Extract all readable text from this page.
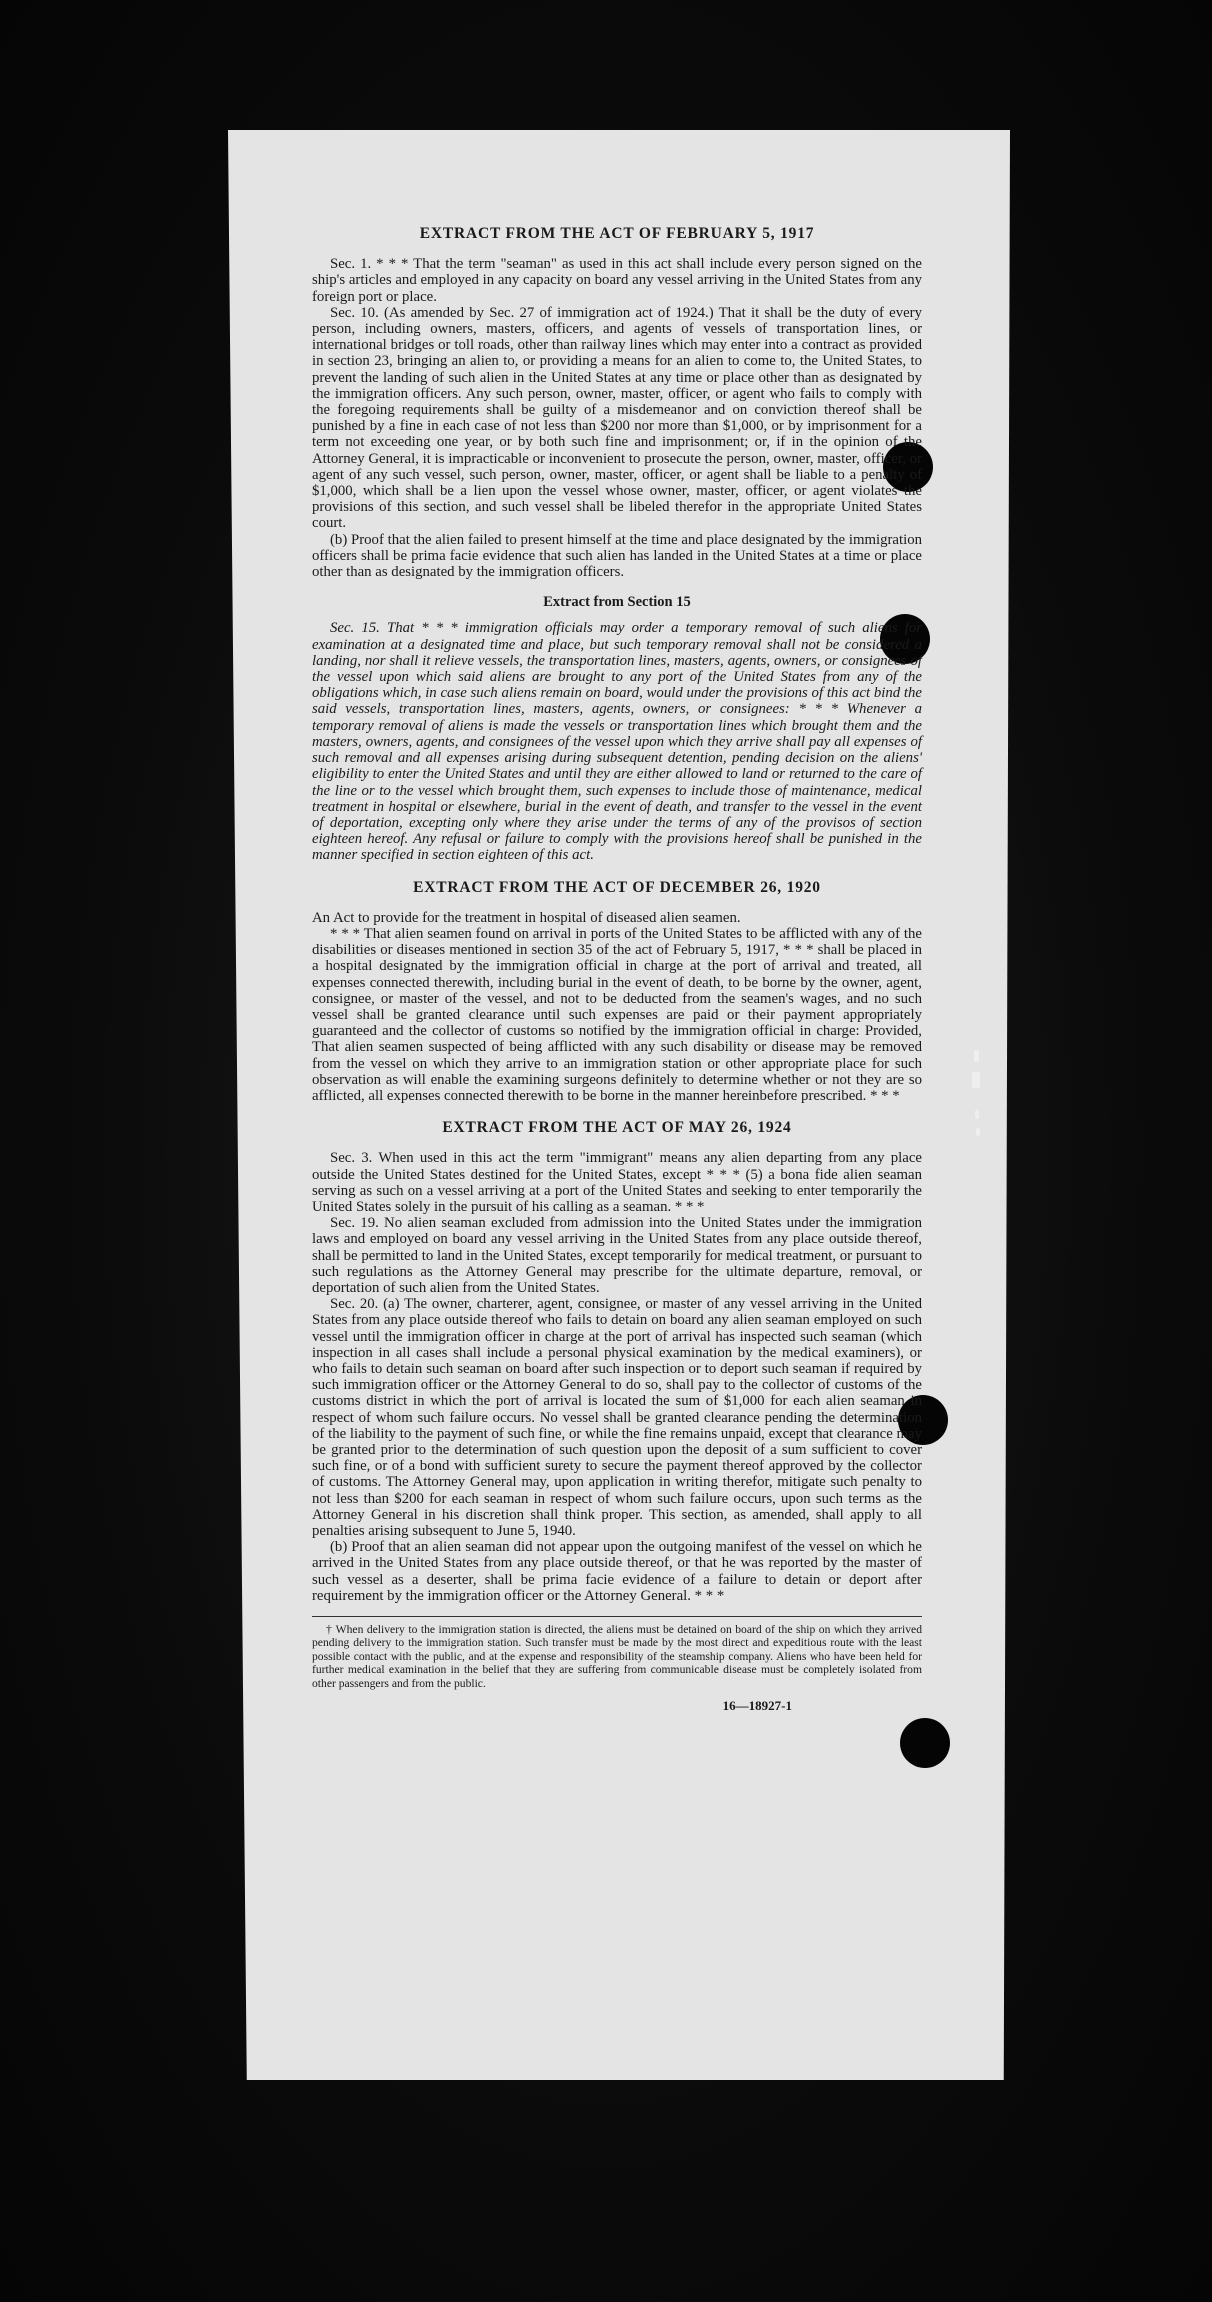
EXTRACT FROM THE ACT OF FEBRUARY 5, 1917

Sec. 1. * * * That the term "seaman" as used in this act shall include every person signed on the ship's articles and employed in any capacity on board any vessel arriving in the United States from any foreign port or place.

Sec. 10. (As amended by Sec. 27 of immigration act of 1924.) That it shall be the duty of every person, including owners, masters, officers, and agents of vessels of transportation lines, or international bridges or toll roads, other than railway lines which may enter into a contract as provided in section 23, bringing an alien to, or providing a means for an alien to come to, the United States, to prevent the landing of such alien in the United States at any time or place other than as designated by the immigration officers. Any such person, owner, master, officer, or agent who fails to comply with the foregoing requirements shall be guilty of a misdemeanor and on conviction thereof shall be punished by a fine in each case of not less than $200 nor more than $1,000, or by imprisonment for a term not exceeding one year, or by both such fine and imprisonment; or, if in the opinion of the Attorney General, it is impracticable or inconvenient to prosecute the person, owner, master, officer, or agent of any such vessel, such person, owner, master, officer, or agent shall be liable to a penalty of $1,000, which shall be a lien upon the vessel whose owner, master, officer, or agent violates the provisions of this section, and such vessel shall be libeled therefor in the appropriate United States court.

(b) Proof that the alien failed to present himself at the time and place designated by the immigration officers shall be prima facie evidence that such alien has landed in the United States at a time or place other than as designated by the immigration officers.

Extract from Section 15

Sec. 15. That * * * immigration officials may order a temporary removal of such aliens for examination at a designated time and place, but such temporary removal shall not be considered a landing, nor shall it relieve vessels, the transportation lines, masters, agents, owners, or consignees of the vessel upon which said aliens are brought to any port of the United States from any of the obligations which, in case such aliens remain on board, would under the provisions of this act bind the said vessels, transportation lines, masters, agents, owners, or consignees: * * * Whenever a temporary removal of aliens is made the vessels or transportation lines which brought them and the masters, owners, agents, and consignees of the vessel upon which they arrive shall pay all expenses of such removal and all expenses arising during subsequent detention, pending decision on the aliens' eligibility to enter the United States and until they are either allowed to land or returned to the care of the line or to the vessel which brought them, such expenses to include those of maintenance, medical treatment in hospital or elsewhere, burial in the event of death, and transfer to the vessel in the event of deportation, excepting only where they arise under the terms of any of the provisos of section eighteen hereof. Any refusal or failure to comply with the provisions hereof shall be punished in the manner specified in section eighteen of this act.

EXTRACT FROM THE ACT OF DECEMBER 26, 1920

An Act to provide for the treatment in hospital of diseased alien seamen.

* * * That alien seamen found on arrival in ports of the United States to be afflicted with any of the disabilities or diseases mentioned in section 35 of the act of February 5, 1917, * * * shall be placed in a hospital designated by the immigration official in charge at the port of arrival and treated, all expenses connected therewith, including burial in the event of death, to be borne by the owner, agent, consignee, or master of the vessel, and not to be deducted from the seamen's wages, and no such vessel shall be granted clearance until such expenses are paid or their payment appropriately guaranteed and the collector of customs so notified by the immigration official in charge: Provided, That alien seamen suspected of being afflicted with any such disability or disease may be removed from the vessel on which they arrive to an immigration station or other appropriate place for such observation as will enable the examining surgeons definitely to determine whether or not they are so afflicted, all expenses connected therewith to be borne in the manner hereinbefore prescribed. * * *

EXTRACT FROM THE ACT OF MAY 26, 1924

Sec. 3. When used in this act the term "immigrant" means any alien departing from any place outside the United States destined for the United States, except * * * (5) a bona fide alien seaman serving as such on a vessel arriving at a port of the United States and seeking to enter temporarily the United States solely in the pursuit of his calling as a seaman. * * *

Sec. 19. No alien seaman excluded from admission into the United States under the immigration laws and employed on board any vessel arriving in the United States from any place outside thereof, shall be permitted to land in the United States, except temporarily for medical treatment, or pursuant to such regulations as the Attorney General may prescribe for the ultimate departure, removal, or deportation of such alien from the United States.

Sec. 20. (a) The owner, charterer, agent, consignee, or master of any vessel arriving in the United States from any place outside thereof who fails to detain on board any alien seaman employed on such vessel until the immigration officer in charge at the port of arrival has inspected such seaman (which inspection in all cases shall include a personal physical examination by the medical examiners), or who fails to detain such seaman on board after such inspection or to deport such seaman if required by such immigration officer or the Attorney General to do so, shall pay to the collector of customs of the customs district in which the port of arrival is located the sum of $1,000 for each alien seaman in respect of whom such failure occurs. No vessel shall be granted clearance pending the determination of the liability to the payment of such fine, or while the fine remains unpaid, except that clearance may be granted prior to the determination of such question upon the deposit of a sum sufficient to cover such fine, or of a bond with sufficient surety to secure the payment thereof approved by the collector of customs. The Attorney General may, upon application in writing therefor, mitigate such penalty to not less than $200 for each seaman in respect of whom such failure occurs, upon such terms as the Attorney General in his discretion shall think proper. This section, as amended, shall apply to all penalties arising subsequent to June 5, 1940.

(b) Proof that an alien seaman did not appear upon the outgoing manifest of the vessel on which he arrived in the United States from any place outside thereof, or that he was reported by the master of such vessel as a deserter, shall be prima facie evidence of a failure to detain or deport after requirement by the immigration officer or the Attorney General. * * *

† When delivery to the immigration station is directed, the aliens must be detained on board of the ship on which they arrived pending delivery to the immigration station. Such transfer must be made by the most direct and expeditious route with the least possible contact with the public, and at the expense and responsibility of the steamship company. Aliens who have been held for further medical examination in the belief that they are suffering from communicable disease must be completely isolated from other passengers and from the public.

16—18927-1
